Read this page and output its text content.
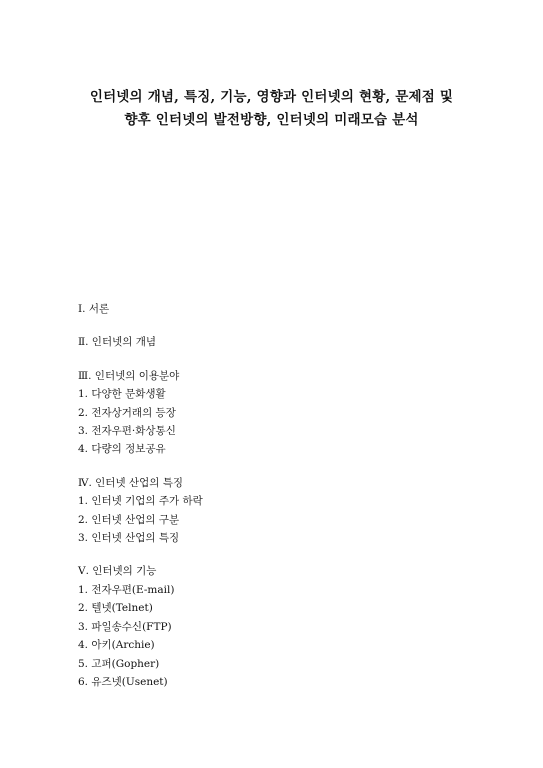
인터넷의 개념, 특징, 기능, 영향과 인터넷의 현황, 문제점 및
향후 인터넷의 발전방향, 인터넷의 미래모습 분석
Ⅰ. 서론
Ⅱ. 인터넷의 개념
Ⅲ. 인터넷의 이용분야
1. 다양한 문화생활
2. 전자상거래의 등장
3. 전자우편·화상통신
4. 다량의 정보공유
Ⅳ. 인터넷 산업의 특징
1. 인터넷 기업의 주가 하락
2. 인터넷 산업의 구분
3. 인터넷 산업의 특징
Ⅴ. 인터넷의 기능
1. 전자우편(E-mail)
2. 텔넷(Telnet)
3. 파일송수신(FTP)
4. 아키(Archie)
5. 고퍼(Gopher)
6. 유즈넷(Usenet)
